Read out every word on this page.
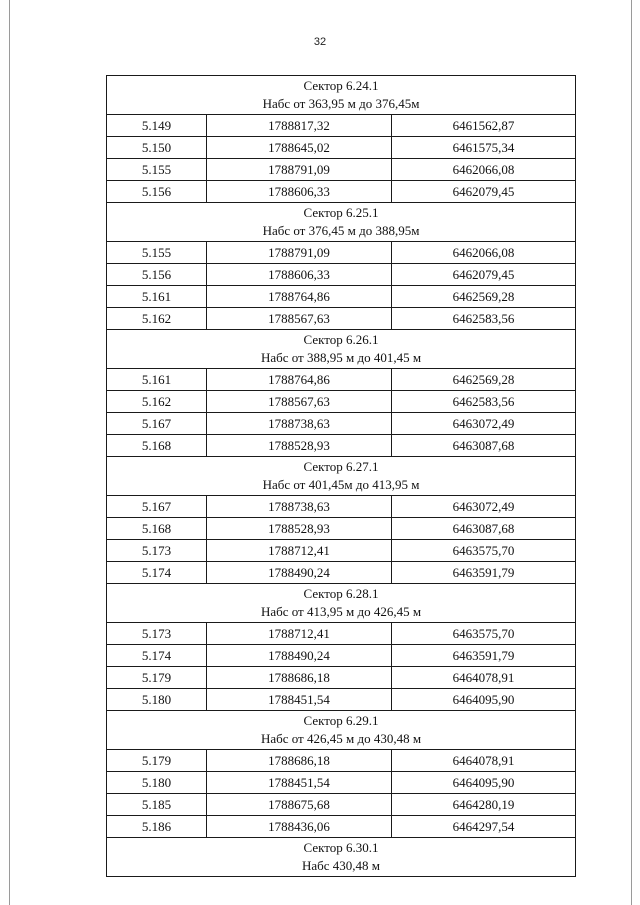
32
Сектор 6.24.1
Набс от 363,95 м до 376,45м		

5.149	1788817,32	6461562,87
5.150	1788645,02	6461575,34
5.155	1788791,09	6462066,08
5.156	1788606,33	6462079,45

Сектор 6.25.1
Набс от 376,45 м до 388,95м		

5.155	1788791,09	6462066,08
5.156	1788606,33	6462079,45
5.161	1788764,86	6462569,28
5.162	1788567,63	6462583,56

Сектор 6.26.1
Набс от 388,95 м до 401,45 м		

5.161	1788764,86	6462569,28
5.162	1788567,63	6462583,56
5.167	1788738,63	6463072,49
5.168	1788528,93	6463087,68

Сектор 6.27.1
Набс от 401,45м до 413,95 м		

5.167	1788738,63	6463072,49
5.168	1788528,93	6463087,68
5.173	1788712,41	6463575,70
5.174	1788490,24	6463591,79

Сектор 6.28.1
Набс от 413,95 м до 426,45 м		

5.173	1788712,41	6463575,70
5.174	1788490,24	6463591,79
5.179	1788686,18	6464078,91
5.180	1788451,54	6464095,90

Сектор 6.29.1
Набс от 426,45 м до 430,48 м		

5.179	1788686,18	6464078,91
5.180	1788451,54	6464095,90
5.185	1788675,68	6464280,19
5.186	1788436,06	6464297,54

Сектор 6.30.1
Набс 430,48 м		
